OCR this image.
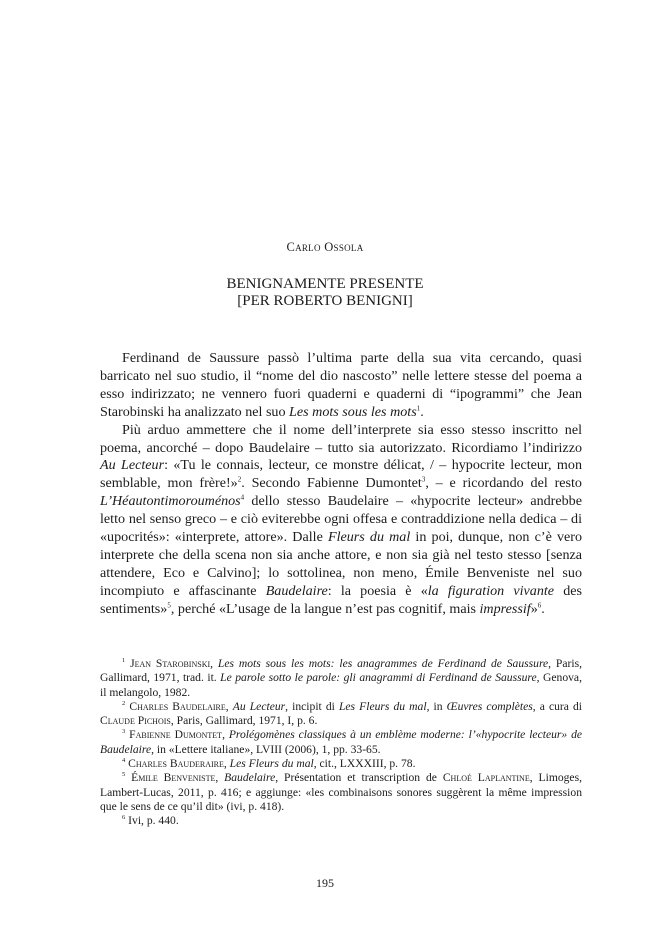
Carlo Ossola
BENIGNAMENTE PRESENTE
[PER ROBERTO BENIGNI]

Ferdinand de Saussure passò l’ultima parte della sua vita cercando, quasi barricato nel suo studio, il “nome del dio nascosto” nelle lettere stesse del poema a esso indirizzato; ne vennero fuori quaderni e quaderni di “ipogrammi” che Jean Starobinski ha analizzato nel suo Les mots sous les mots$^1$.

Più arduo ammettere che il nome dell’interprete sia esso stesso inscritto nel poema, ancorché – dopo Baudelaire – tutto sia autorizzato. Ricordiamo l’indirizzo Au Lecteur: «Tu le connais, lecteur, ce monstre délicat, / – hypocrite lecteur, mon semblable, mon frère!»$^2$. Secondo Fabienne Dumontet$^3$, – e ricordando del resto L’Héautontimorouménos$^4$ dello stesso Baudelaire – «hypocrite lecteur» andrebbe letto nel senso greco – e ciò eviterebbe ogni offesa e contraddizione nella dedica – di «upocrités»: «interprete, attore». Dalle Fleurs du mal in poi, dunque, non c’è vero interprete che della scena non sia anche attore, e non sia già nel testo stesso [senza attendere, Eco e Calvino]; lo sottolinea, non meno, Émile Benveniste nel suo incompiuto e affascinante Baudelaire: la poesia è «la figuration vivante des sentiments»$^5$, perché «L’usage de la langue n’est pas cognitif, mais impressif»$^6$.

$^1$ Jean Starobinski, Les mots sous les mots: les anagrammes de Ferdinand de Saussure, Paris, Gallimard, 1971, trad. it. Le parole sotto le parole: gli anagrammi di Ferdinand de Saussure, Genova, il melangolo, 1982.

$^2$ Charles Baudelaire, Au Lecteur, incipit di Les Fleurs du mal, in Œuvres complètes, a cura di Claude Pichois, Paris, Gallimard, 1971, I, p. 6.

$^3$ Fabienne Dumontet, Prolégomènes classiques à un emblème moderne: l’«hypocrite lecteur» de Baudelaire, in «Lettere italiane», LVIII (2006), 1, pp. 33-65.

$^4$ Charles Bauderaire, Les Fleurs du mal, cit., LXXXIII, p. 78.

$^5$ Émile Benveniste, Baudelaire, Présentation et transcription de Chloé Laplantine, Limoges, Lambert-Lucas, 2011, p. 416; e aggiunge: «les combinaisons sonores suggèrent la même impression que le sens de ce qu’il dit» (ivi, p. 418).

$^6$ Ivi, p. 440.

195
